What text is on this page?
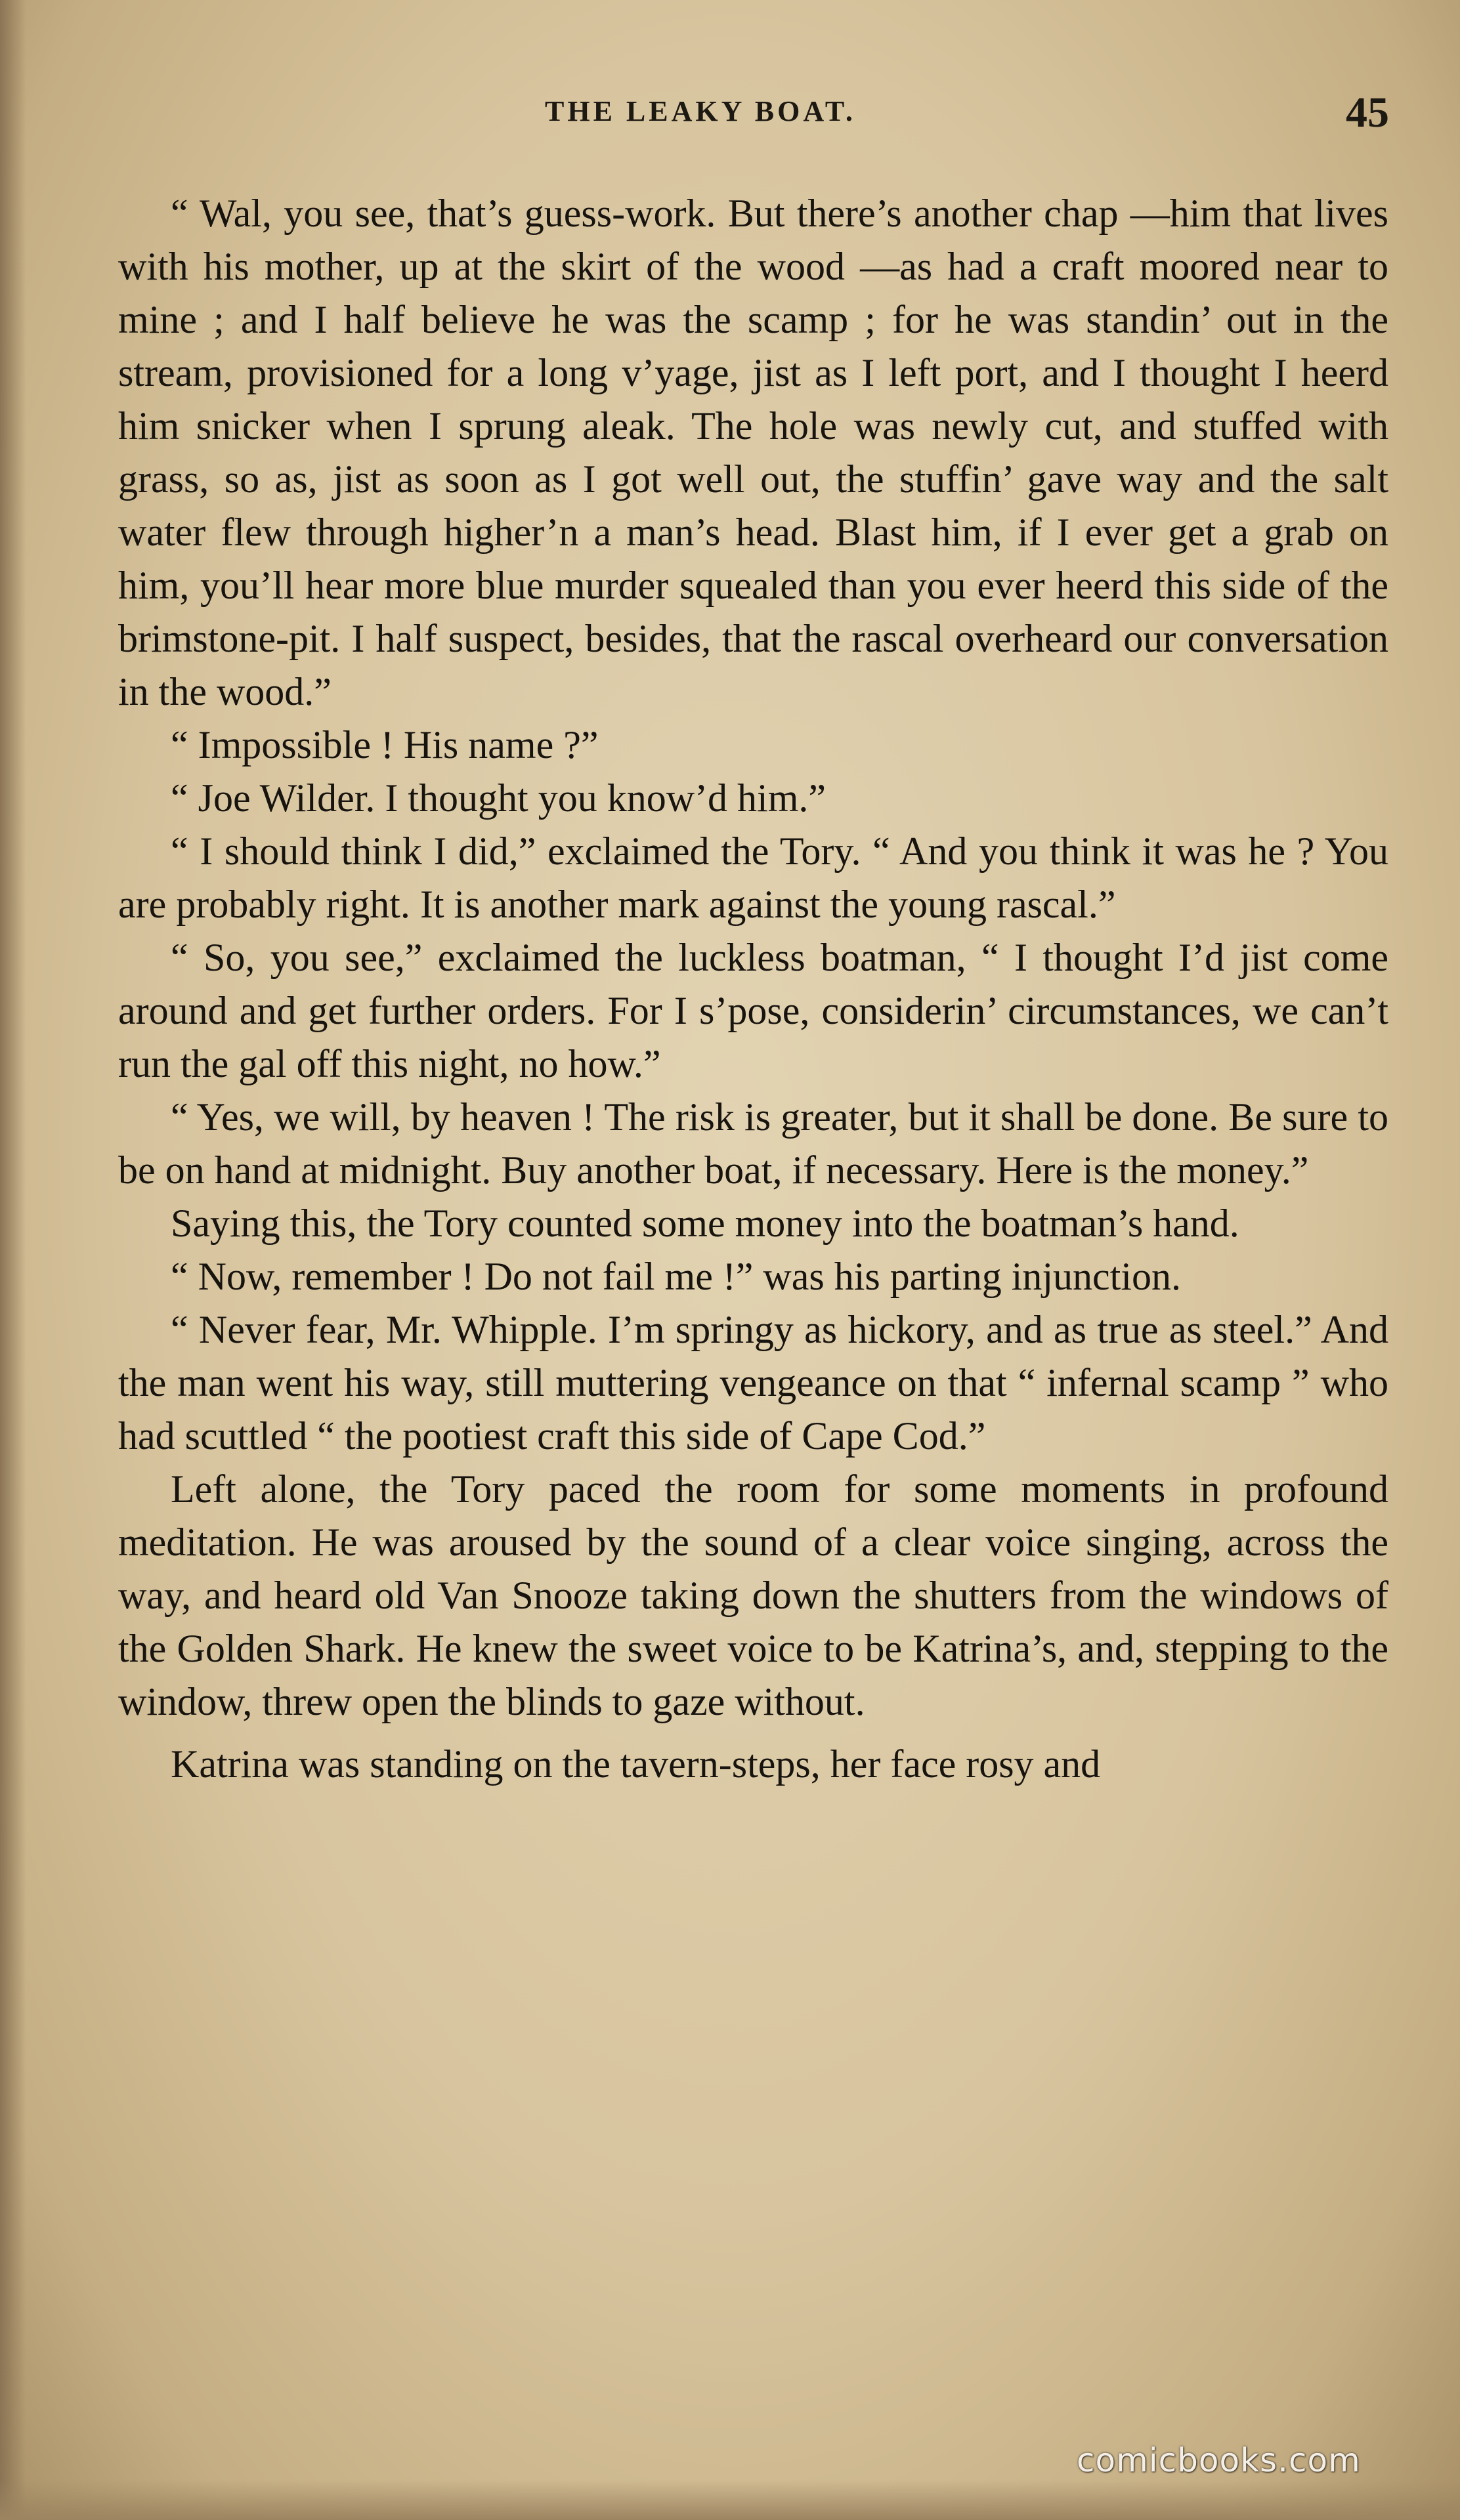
THE LEAKY BOAT.	45

“ Wal, you see, that’s guess-work. But there’s another chap —him that lives with his mother, up at the skirt of the wood —as had a craft moored near to mine ; and I half believe he was the scamp ; for he was standin’ out in the stream, provisioned for a long v’yage, jist as I left port, and I thought I heerd him snicker when I sprung aleak. The hole was newly cut, and stuffed with grass, so as, jist as soon as I got well out, the stuffin’ gave way and the salt water flew through higher’n a man’s head. Blast him, if I ever get a grab on him, you’ll hear more blue murder squealed than you ever heerd this side of the brimstone-pit. I half suspect, besides, that the rascal overheard our conversation in the wood.”

“ Impossible ! His name ?”

“ Joe Wilder. I thought you know’d him.”

“ I should think I did,” exclaimed the Tory. “ And you think it was he ? You are probably right. It is another mark against the young rascal.”

“ So, you see,” exclaimed the luckless boatman, “ I thought I’d jist come around and get further orders. For I s’pose, considerin’ circumstances, we can’t run the gal off this night, no how.”

“ Yes, we will, by heaven ! The risk is greater, but it shall be done. Be sure to be on hand at midnight. Buy another boat, if necessary. Here is the money.”

Saying this, the Tory counted some money into the boatman’s hand.

“ Now, remember ! Do not fail me !” was his parting injunction.

“ Never fear, Mr. Whipple. I’m springy as hickory, and as true as steel.” And the man went his way, still muttering vengeance on that “ infernal scamp ” who had scuttled “ the pootiest craft this side of Cape Cod.”

Left alone, the Tory paced the room for some moments in profound meditation. He was aroused by the sound of a clear voice singing, across the way, and heard old Van Snooze taking down the shutters from the windows of the Golden Shark. He knew the sweet voice to be Katrina’s, and, stepping to the window, threw open the blinds to gaze without.

Katrina was standing on the tavern-steps, her face rosy and

comicbooks.com
